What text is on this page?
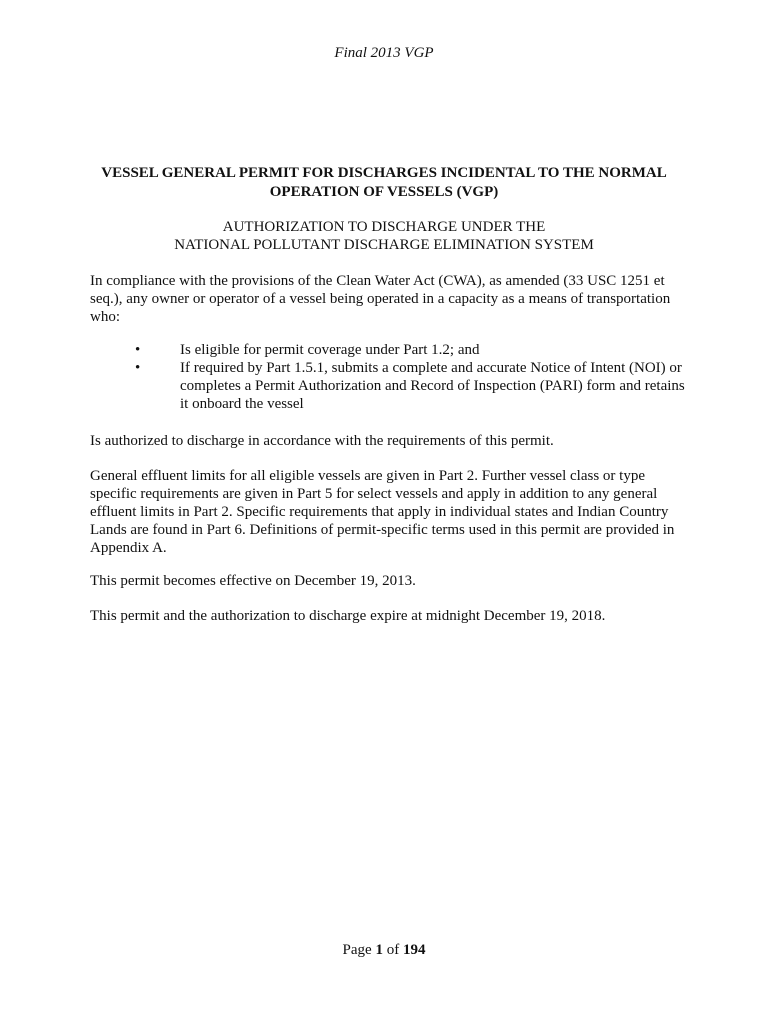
Final 2013 VGP
VESSEL GENERAL PERMIT FOR DISCHARGES INCIDENTAL TO THE NORMAL
OPERATION OF VESSELS (VGP)
AUTHORIZATION TO DISCHARGE UNDER THE
NATIONAL POLLUTANT DISCHARGE ELIMINATION SYSTEM
In compliance with the provisions of the Clean Water Act (CWA), as amended (33 USC 1251 et seq.), any owner or operator of a vessel being operated in a capacity as a means of transportation who:
•	Is eligible for permit coverage under Part 1.2; and
•	If required by Part 1.5.1, submits a complete and accurate Notice of Intent (NOI) or completes a Permit Authorization and Record of Inspection (PARI) form and retains it onboard the vessel
Is authorized to discharge in accordance with the requirements of this permit.
General effluent limits for all eligible vessels are given in Part 2. Further vessel class or type specific requirements are given in Part 5 for select vessels and apply in addition to any general effluent limits in Part 2. Specific requirements that apply in individual states and Indian Country Lands are found in Part 6. Definitions of permit-specific terms used in this permit are provided in Appendix A.
This permit becomes effective on December 19, 2013.
This permit and the authorization to discharge expire at midnight December 19, 2018.
Page 1 of 194
